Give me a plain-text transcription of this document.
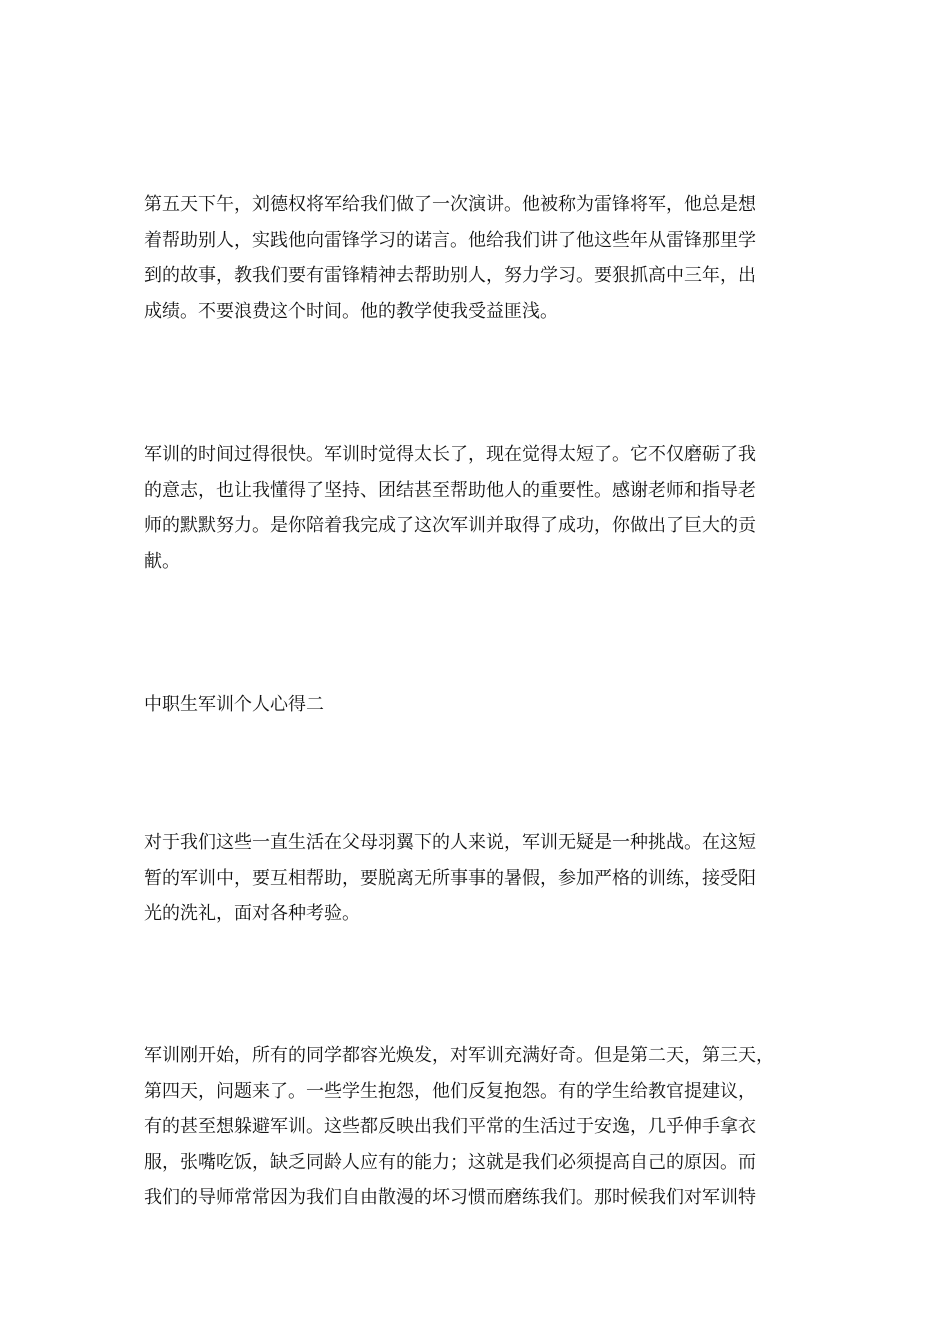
第五天下午，刘德权将军给我们做了一次演讲。他被称为雷锋将军，他总是想
着帮助别人，实践他向雷锋学习的诺言。他给我们讲了他这些年从雷锋那里学
到的故事，教我们要有雷锋精神去帮助别人，努力学习。要狠抓高中三年，出
成绩。不要浪费这个时间。他的教学使我受益匪浅。

军训的时间过得很快。军训时觉得太长了，现在觉得太短了。它不仅磨砺了我
的意志，也让我懂得了坚持、团结甚至帮助他人的重要性。感谢老师和指导老
师的默默努力。是你陪着我完成了这次军训并取得了成功，你做出了巨大的贡
献。

中职生军训个人心得二

对于我们这些一直生活在父母羽翼下的人来说，军训无疑是一种挑战。在这短
暂的军训中，要互相帮助，要脱离无所事事的暑假，参加严格的训练，接受阳
光的洗礼，面对各种考验。

军训刚开始，所有的同学都容光焕发，对军训充满好奇。但是第二天，第三天，
第四天，问题来了。一些学生抱怨，他们反复抱怨。有的学生给教官提建议，
有的甚至想躲避军训。这些都反映出我们平常的生活过于安逸，几乎伸手拿衣
服，张嘴吃饭，缺乏同龄人应有的能力；这就是我们必须提高自己的原因。而
我们的导师常常因为我们自由散漫的坏习惯而磨练我们。那时候我们对军训特
